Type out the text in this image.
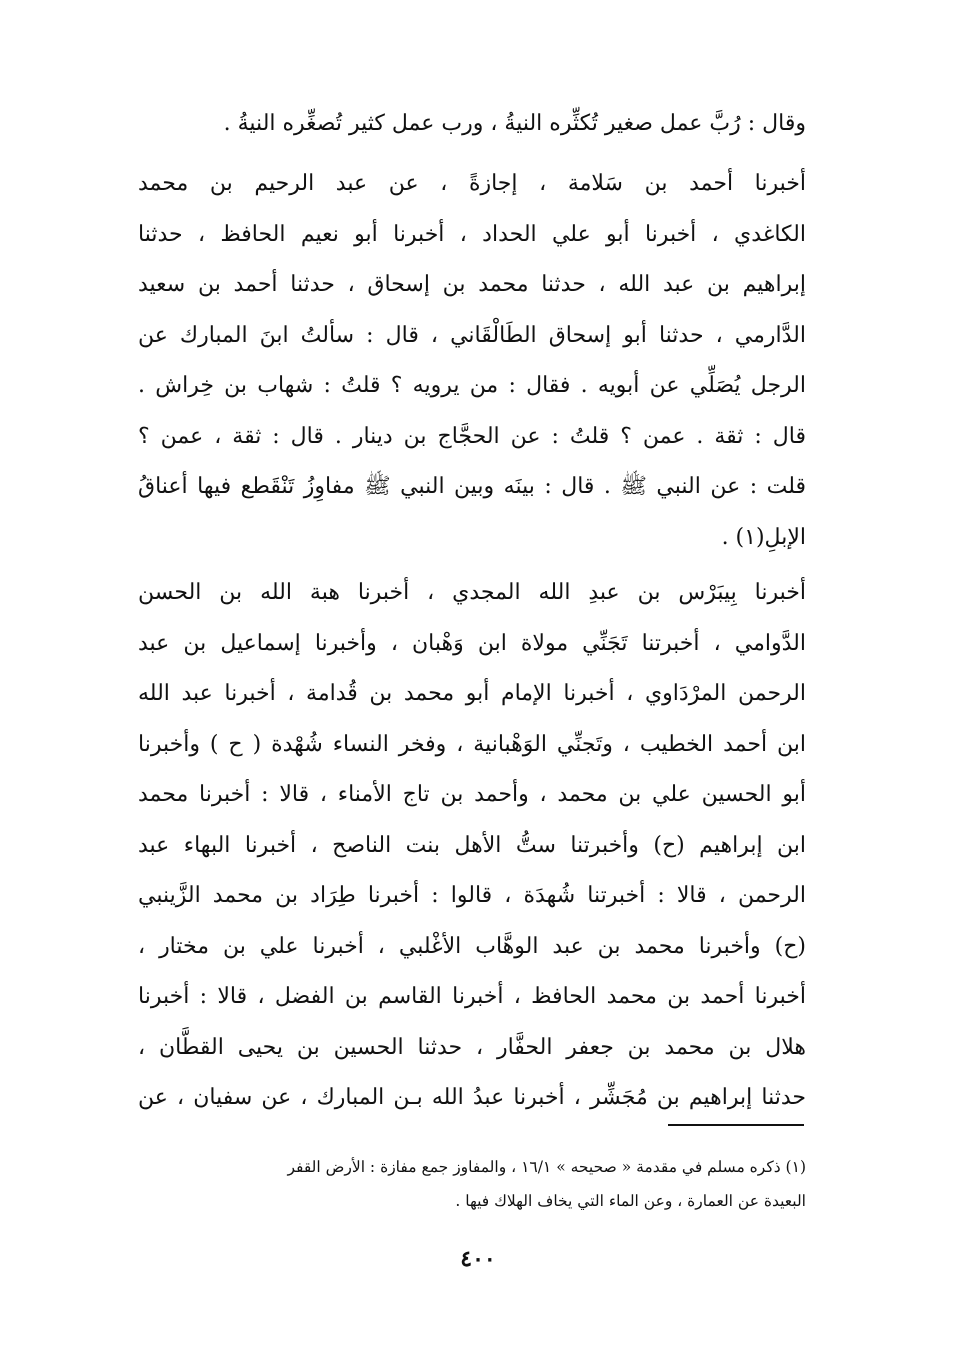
وقال : رُبَّ عمل صغير تُكثِّره النيةُ ، ورب عمل كثير تُصغِّره النيةُ .
أخبرنا أحمد بن سَلامة ، إجازةً ، عن عبد الرحيم بن محمد
الكاغدي ، أخبرنا أبو علي الحداد ، أخبرنا أبو نعيم الحافظ ، حدثنا
إبراهيم بن عبد الله ، حدثنا محمد بن إسحاق ، حدثنا أحمد بن سعيد
الدَّارمي ، حدثنا أبو إسحاق الطَالْقَاني ، قال : سألتُ ابنَ المبارك عن
الرجل يُصَلِّي عن أبويه . فقال : من يرويه ؟ قلتُ : شهاب بن خِراش .
قال : ثقة . عمن ؟ قلتُ : عن الحجَّاج بن دينار . قال : ثقة ، عمن ؟
قلت : عن النبي ﷺ . قال : بينَه وبين النبي ﷺ مفاوِزُ تَنْقَطع فيها أعناقُ
الإبلِ(١) .
أخبرنا بِيبَرْس بن عبدِ الله المجدي ، أخبرنا هبة الله بن الحسن
الدَّوامي ، أخبرتنا تَجَنِّي مولاة ابن وَهْبان ، وأخبرنا إسماعيل بن عبد
الرحمن المرْدَاوي ، أخبرنا الإمام أبو محمد بن قُدامة ، أخبرنا عبد الله
ابن أحمد الخطيب ، وتَجنِّي الوَهْبانية ، وفخر النساء شُهْدة ( ح ) وأخبرنا
أبو الحسين علي بن محمد ، وأحمد بن تاج الأمناء ، قالا : أخبرنا محمد
ابن إبراهيم (ح) وأخبرتنا ستُّ الأهل بنت الناصح ، أخبرنا البهاء عبد
الرحمن ، قالا : أخبرتنا شُهدَة ، قالوا : أخبرنا طِرَاد بن محمد الزَّينبي
(ح) وأخبرنا محمد بن عبد الوهَّاب الأغْلبي ، أخبرنا علي بن مختار ،
أخبرنا أحمد بن محمد الحافظ ، أخبرنا القاسم بن الفضل ، قالا : أخبرنا
هلال بن محمد بن جعفر الحفَّار ، حدثنا الحسين بن يحيى القطَّان ،
حدثنا إبراهيم بن مُجَشِّر ، أخبرنا عبدُ الله بـن المبارك ، عن سفيان ، عن
(١) ذكره مسلم في مقدمة « صحيحه » ١٦/١ ، والمفاوز جمع مفازة : الأرض القفر
البعيدة عن العمارة ، وعن الماء التي يخاف الهلاك فيها .
٤٠٠
